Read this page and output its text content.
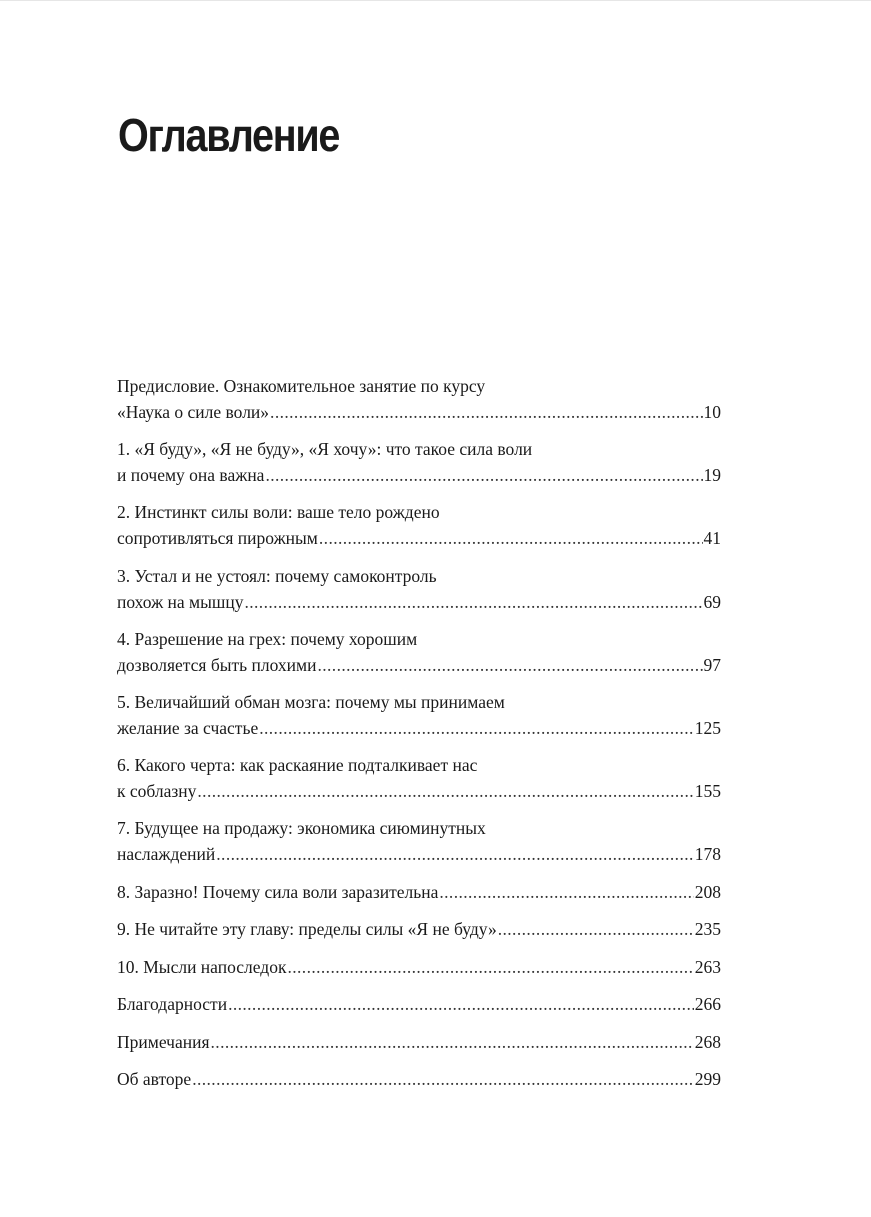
Оглавление
Предисловие. Ознакомительное занятие по курсу
«Наука о силе воли» .....	10
1. «Я буду», «Я не буду», «Я хочу»: что такое сила воли
и почему она важна .....	19
2. Инстинкт силы воли: ваше тело рождено
сопротивляться пирожным .....	41
3. Устал и не устоял: почему самоконтроль
похож на мышцу .....	69
4. Разрешение на грех: почему хорошим
дозволяется быть плохими .....	97
5. Величайший обман мозга: почему мы принимаем
желание за счастье .....	125
6. Какого черта: как раскаяние подталкивает нас
к соблазну .....	155
7. Будущее на продажу: экономика сиюминутных
наслаждений .....	178
8. Заразно! Почему сила воли заразительна .....	208
9. Не читайте эту главу: пределы силы «Я не буду» .....	235
10. Мысли напоследок .....	263
Благодарности .....	266
Примечания .....	268
Об авторе .....	299
